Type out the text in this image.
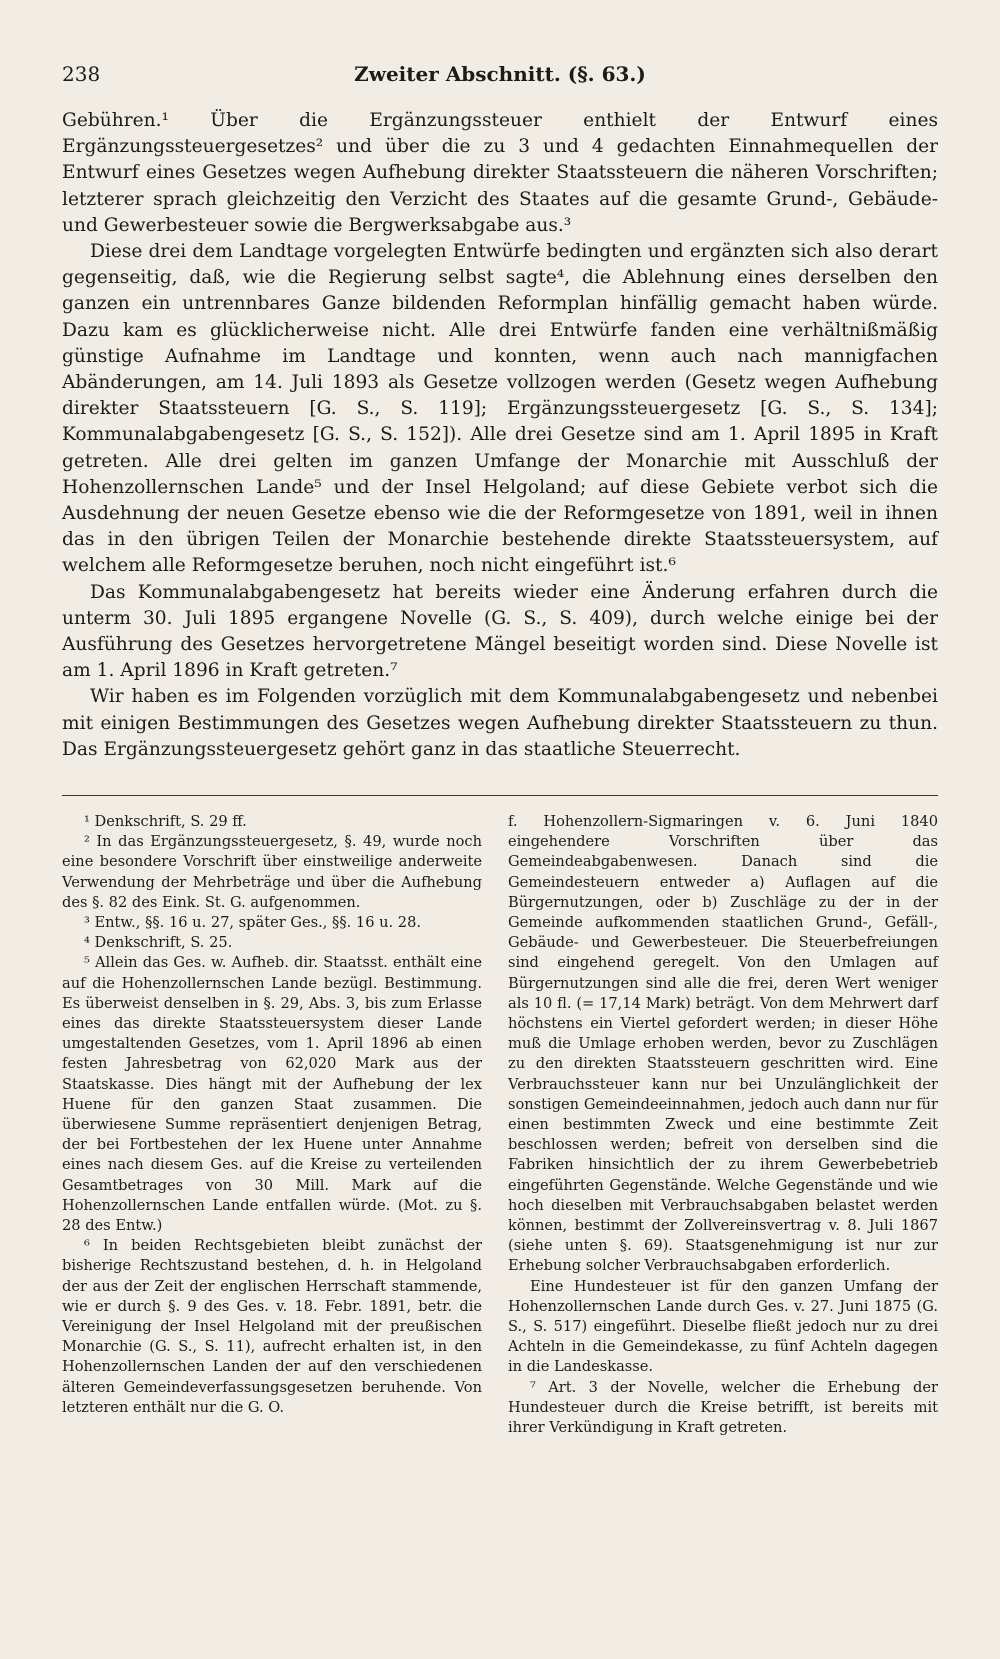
238	Zweiter Abschnitt. (§. 63.)

Gebühren.¹ Über die Ergänzungssteuer enthielt der Entwurf eines Ergänzungssteuergesetzes² und über die zu 3 und 4 gedachten Einnahmequellen der Entwurf eines Gesetzes wegen Aufhebung direkter Staatssteuern die näheren Vorschriften; letzterer sprach gleichzeitig den Verzicht des Staates auf die gesamte Grund-, Gebäude- und Gewerbesteuer sowie die Bergwerksabgabe aus.³

Diese drei dem Landtage vorgelegten Entwürfe bedingten und ergänzten sich also derart gegenseitig, daß, wie die Regierung selbst sagte⁴, die Ablehnung eines derselben den ganzen ein untrennbares Ganze bildenden Reformplan hinfällig gemacht haben würde. Dazu kam es glücklicherweise nicht. Alle drei Entwürfe fanden eine verhältnißmäßig günstige Aufnahme im Landtage und konnten, wenn auch nach mannigfachen Abänderungen, am 14. Juli 1893 als Gesetze vollzogen werden (Gesetz wegen Aufhebung direkter Staatssteuern [G. S., S. 119]; Ergänzungssteuergesetz [G. S., S. 134]; Kommunalabgabengesetz [G. S., S. 152]). Alle drei Gesetze sind am 1. April 1895 in Kraft getreten. Alle drei gelten im ganzen Umfange der Monarchie mit Ausschluß der Hohenzollernschen Lande⁵ und der Insel Helgoland; auf diese Gebiete verbot sich die Ausdehnung der neuen Gesetze ebenso wie die der Reformgesetze von 1891, weil in ihnen das in den übrigen Teilen der Monarchie bestehende direkte Staatssteuersystem, auf welchem alle Reformgesetze beruhen, noch nicht eingeführt ist.⁶

Das Kommunalabgabengesetz hat bereits wieder eine Änderung erfahren durch die unterm 30. Juli 1895 ergangene Novelle (G. S., S. 409), durch welche einige bei der Ausführung des Gesetzes hervorgetretene Mängel beseitigt worden sind. Diese Novelle ist am 1. April 1896 in Kraft getreten.⁷

Wir haben es im Folgenden vorzüglich mit dem Kommunalabgabengesetz und nebenbei mit einigen Bestimmungen des Gesetzes wegen Aufhebung direkter Staatssteuern zu thun. Das Ergänzungssteuergesetz gehört ganz in das staatliche Steuerrecht.

¹ Denkschrift, S. 29 ff.

² In das Ergänzungssteuergesetz, §. 49, wurde noch eine besondere Vorschrift über einstweilige anderweite Verwendung der Mehrbeträge und über die Aufhebung des §. 82 des Eink. St. G. aufgenommen.

³ Entw., §§. 16 u. 27, später Ges., §§. 16 u. 28.

⁴ Denkschrift, S. 25.

⁵ Allein das Ges. w. Aufheb. dir. Staatsst. enthält eine auf die Hohenzollernschen Lande bezügl. Bestimmung. Es überweist denselben in §. 29, Abs. 3, bis zum Erlasse eines das direkte Staatssteuersystem dieser Lande umgestaltenden Gesetzes, vom 1. April 1896 ab einen festen Jahresbetrag von 62,020 Mark aus der Staatskasse. Dies hängt mit der Aufhebung der lex Huene für den ganzen Staat zusammen. Die überwiesene Summe repräsentiert denjenigen Betrag, der bei Fortbestehen der lex Huene unter Annahme eines nach diesem Ges. auf die Kreise zu verteilenden Gesamtbetrages von 30 Mill. Mark auf die Hohenzollernschen Lande entfallen würde. (Mot. zu §. 28 des Entw.)

⁶ In beiden Rechtsgebieten bleibt zunächst der bisherige Rechtszustand bestehen, d. h. in Helgoland der aus der Zeit der englischen Herrschaft stammende, wie er durch §. 9 des Ges. v. 18. Febr. 1891, betr. die Vereinigung der Insel Helgoland mit der preußischen Monarchie (G. S., S. 11), aufrecht erhalten ist, in den Hohenzollernschen Landen der auf den verschiedenen älteren Gemeindeverfassungsgesetzen beruhende. Von letzteren enthält nur die G. O.

f. Hohenzollern-Sigmaringen v. 6. Juni 1840 eingehendere Vorschriften über das Gemeindeabgabenwesen. Danach sind die Gemeindesteuern entweder a) Auflagen auf die Bürgernutzungen, oder b) Zuschläge zu der in der Gemeinde aufkommenden staatlichen Grund-, Gefäll-, Gebäude- und Gewerbesteuer. Die Steuerbefreiungen sind eingehend geregelt. Von den Umlagen auf Bürgernutzungen sind alle die frei, deren Wert weniger als 10 fl. (= 17,14 Mark) beträgt. Von dem Mehrwert darf höchstens ein Viertel gefordert werden; in dieser Höhe muß die Umlage erhoben werden, bevor zu Zuschlägen zu den direkten Staatssteuern geschritten wird. Eine Verbrauchssteuer kann nur bei Unzulänglichkeit der sonstigen Gemeindeeinnahmen, jedoch auch dann nur für einen bestimmten Zweck und eine bestimmte Zeit beschlossen werden; befreit von derselben sind die Fabriken hinsichtlich der zu ihrem Gewerbebetrieb eingeführten Gegenstände. Welche Gegenstände und wie hoch dieselben mit Verbrauchsabgaben belastet werden können, bestimmt der Zollvereinsvertrag v. 8. Juli 1867 (siehe unten §. 69). Staatsgenehmigung ist nur zur Erhebung solcher Verbrauchsabgaben erforderlich.

Eine Hundesteuer ist für den ganzen Umfang der Hohenzollernschen Lande durch Ges. v. 27. Juni 1875 (G. S., S. 517) eingeführt. Dieselbe fließt jedoch nur zu drei Achteln in die Gemeindekasse, zu fünf Achteln dagegen in die Landeskasse.

⁷ Art. 3 der Novelle, welcher die Erhebung der Hundesteuer durch die Kreise betrifft, ist bereits mit ihrer Verkündigung in Kraft getreten.
